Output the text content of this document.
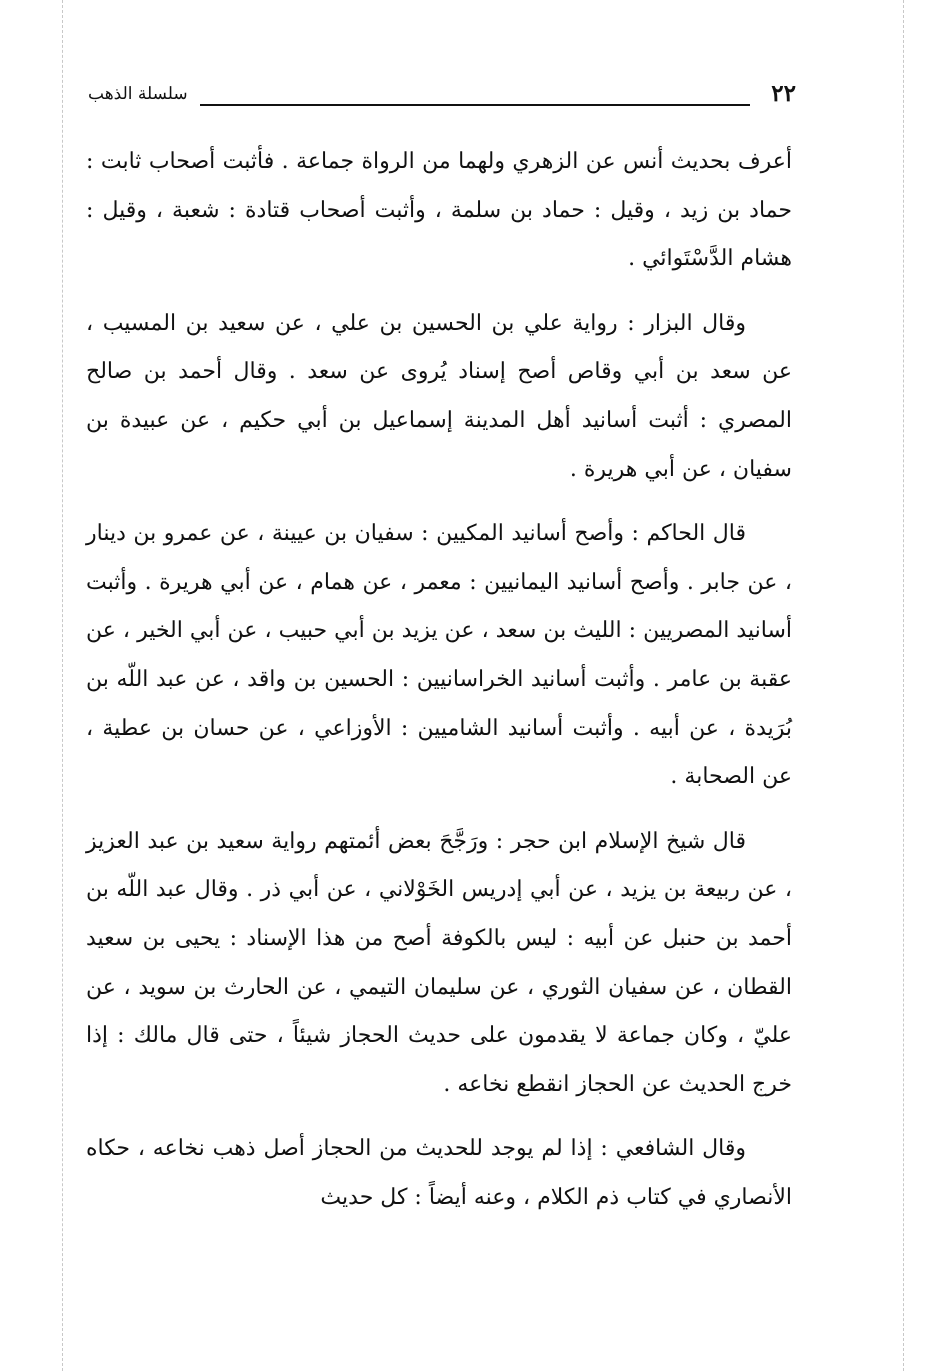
٢٢
سلسلة الذهب

أعرف بحديث أنس عن الزهري ولهما من الرواة جماعة . فأثبت أصحاب ثابت : حماد بن زيد ، وقيل : حماد بن سلمة ، وأثبت أصحاب قتادة : شعبة ، وقيل : هشام الدَّسْتَوائي .

وقال البزار : رواية علي بن الحسين بن علي ، عن سعيد بن المسيب ، عن سعد بن أبي وقاص أصح إسناد يُروى عن سعد . وقال أحمد بن صالح المصري : أثبت أسانيد أهل المدينة إسماعيل بن أبي حكيم ، عن عبيدة بن سفيان ، عن أبي هريرة .

قال الحاكم : وأصح أسانيد المكيين : سفيان بن عيينة ، عن عمرو بن دينار ، عن جابر . وأصح أسانيد اليمانيين : معمر ، عن همام ، عن أبي هريرة . وأثبت أسانيد المصريين : الليث بن سعد ، عن يزيد بن أبي حبيب ، عن أبي الخير ، عن عقبة بن عامر . وأثبت أسانيد الخراسانيين : الحسين بن واقد ، عن عبد اللّه بن بُرَيدة ، عن أبيه . وأثبت أسانيد الشاميين : الأوزاعي ، عن حسان بن عطية ، عن الصحابة .

قال شيخ الإسلام ابن حجر : ورَجَّحَ بعض أئمتهم رواية سعيد بن عبد العزيز ، عن ربيعة بن يزيد ، عن أبي إدريس الخَوْلاني ، عن أبي ذر . وقال عبد اللّه بن أحمد بن حنبل عن أبيه : ليس بالكوفة أصح من هذا الإسناد : يحيى بن سعيد القطان ، عن سفيان الثوري ، عن سليمان التيمي ، عن الحارث بن سويد ، عن عليّ ، وكان جماعة لا يقدمون على حديث الحجاز شيئاً ، حتى قال مالك : إذا خرج الحديث عن الحجاز انقطع نخاعه .

وقال الشافعي : إذا لم يوجد للحديث من الحجاز أصل ذهب نخاعه ، حكاه الأنصاري في كتاب ذم الكلام ، وعنه أيضاً : كل حديث
